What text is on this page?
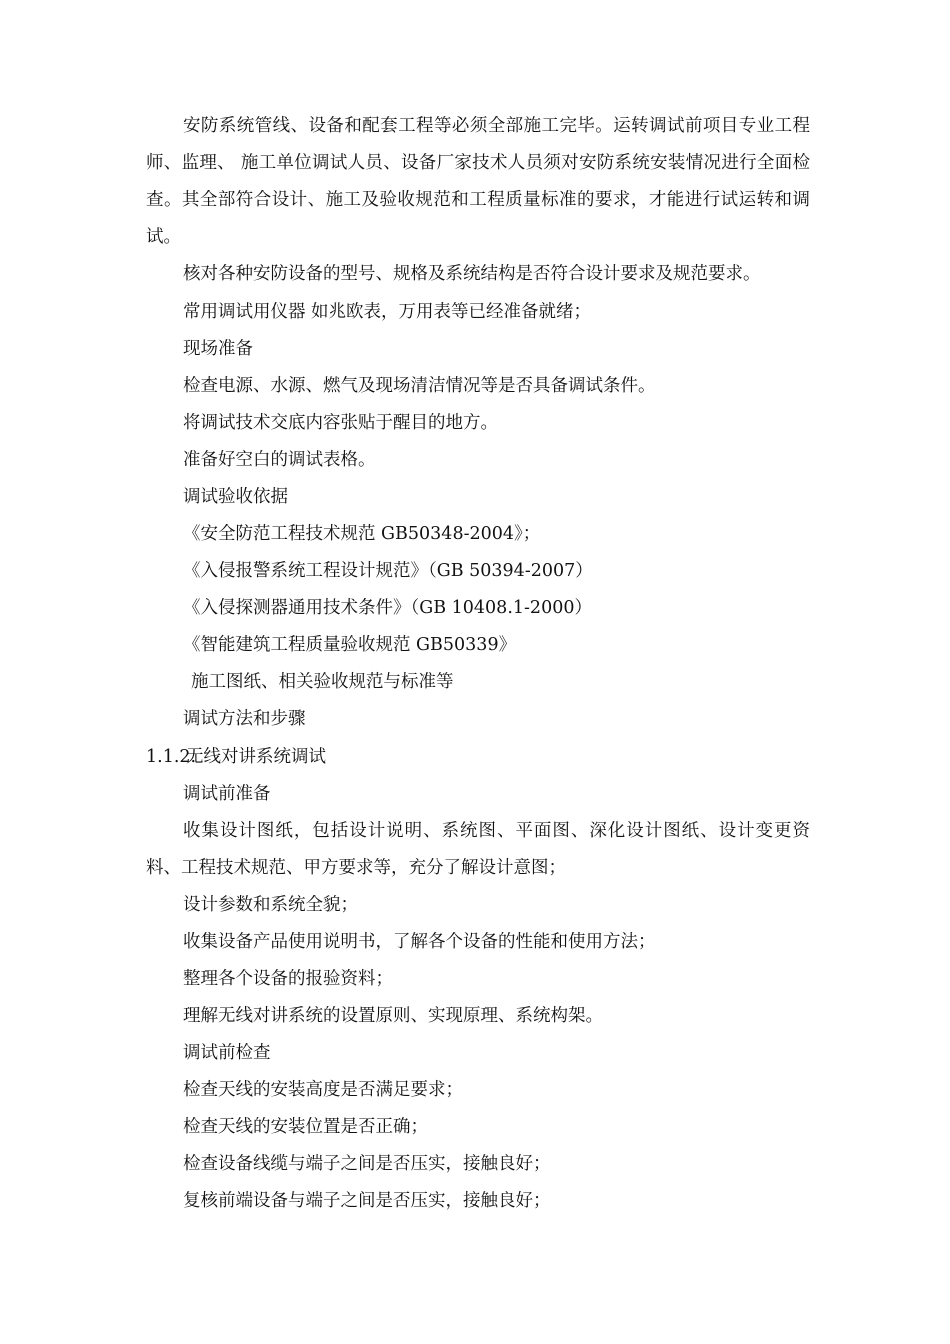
安防系统管线、设备和配套工程等必须全部施工完毕。运转调试前项目专业工程师、监理、 施工单位调试人员、设备厂家技术人员须对安防系统安装情况进行全面检查。其全部符合设计、施工及验收规范和工程质量标准的要求，才能进行试运转和调试。

核对各种安防设备的型号、规格及系统结构是否符合设计要求及规范要求。

常用调试用仪器 如兆欧表，万用表等已经准备就绪；

现场准备

检查电源、水源、燃气及现场清洁情况等是否具备调试条件。

将调试技术交底内容张贴于醒目的地方。

准备好空白的调试表格。

调试验收依据

《安全防范工程技术规范 GB50348-2004》；

《入侵报警系统工程设计规范》（GB 50394-2007）

《入侵探测器通用技术条件》（GB 10408.1-2000）

《智能建筑工程质量验收规范 GB50339》

施工图纸、相关验收规范与标准等

调试方法和步骤

1.1.2.无线对讲系统调试

调试前准备

收集设计图纸，包括设计说明、系统图、平面图、深化设计图纸、设计变更资料、工程技术规范、甲方要求等，充分了解设计意图；

设计参数和系统全貌；

收集设备产品使用说明书，了解各个设备的性能和使用方法；

整理各个设备的报验资料；

理解无线对讲系统的设置原则、实现原理、系统构架。

调试前检查

检查天线的安装高度是否满足要求；

检查天线的安装位置是否正确；

检查设备线缆与端子之间是否压实，接触良好；

复核前端设备与端子之间是否压实，接触良好；
